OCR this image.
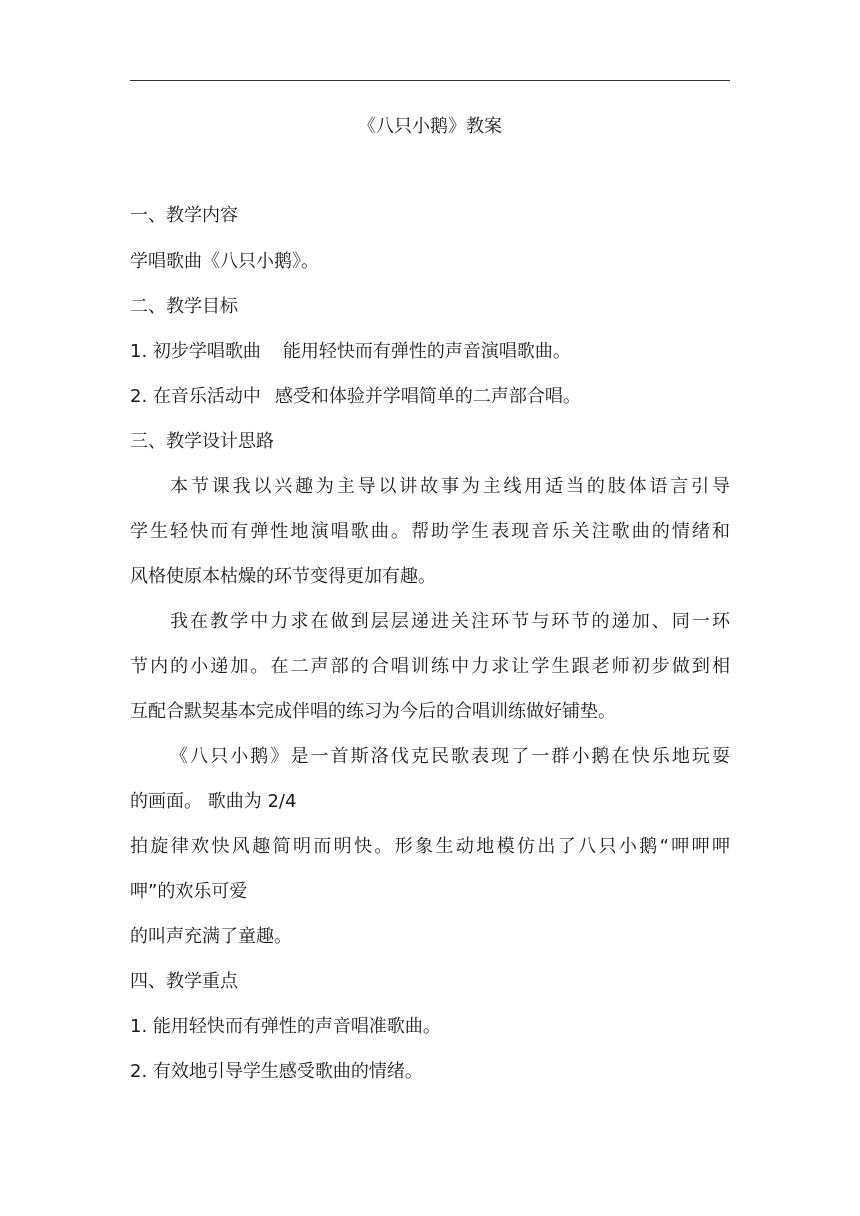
《八只小鹅》教案
一、教学内容
学唱歌曲《八只小鹅》。
二、教学目标
1. 初步学唱歌曲 能用轻快而有弹性的声音演唱歌曲。
2. 在音乐活动中 感受和体验并学唱简单的二声部合唱。
三、教学设计思路
本节课我以兴趣为主导以讲故事为主线用适当的肢体语言引导
学生轻快而有弹性地演唱歌曲。帮助学生表现音乐关注歌曲的情绪和
风格使原本枯燥的环节变得更加有趣。
我在教学中力求在做到层层递进关注环节与环节的递加、同一环
节内的小递加。在二声部的合唱训练中力求让学生跟老师初步做到相
互配合默契基本完成伴唱的练习为今后的合唱训练做好铺垫。
《八只小鹅》是一首斯洛伐克民歌表现了一群小鹅在快乐地玩耍
的画面。 歌曲为 2/4
拍旋律欢快风趣简明而明快。形象生动地模仿出了八只小鹅“呷呷呷
呷”的欢乐可爱
的叫声充满了童趣。
四、教学重点
1. 能用轻快而有弹性的声音唱准歌曲。
2. 有效地引导学生感受歌曲的情绪。
